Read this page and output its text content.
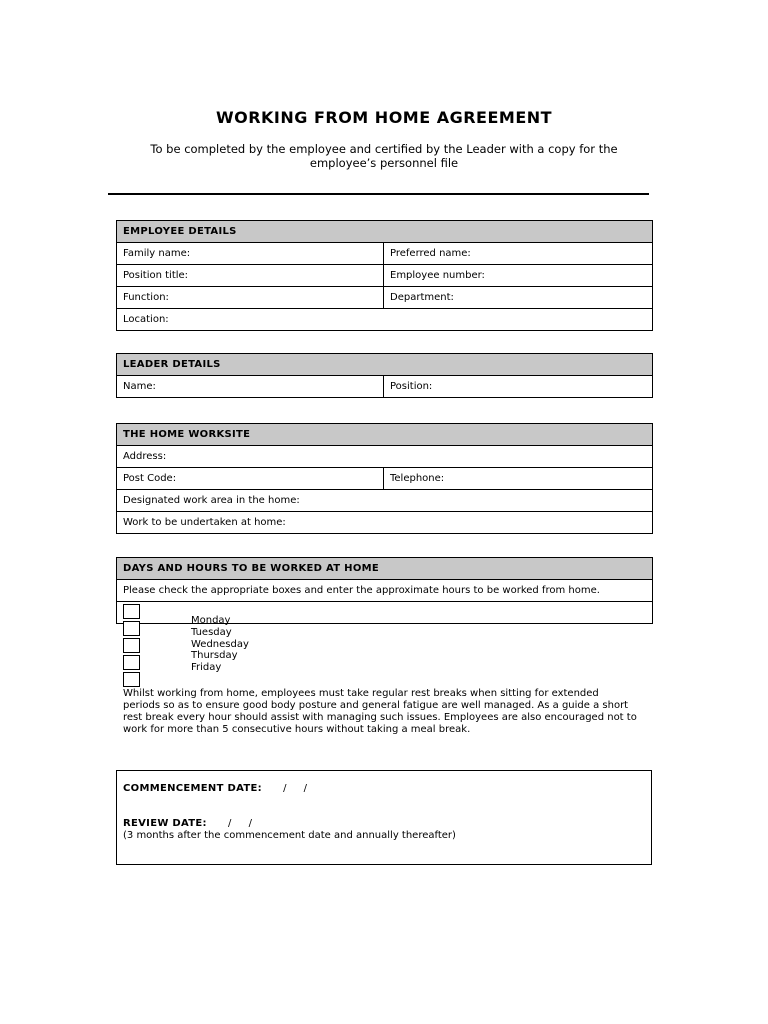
WORKING FROM HOME AGREEMENT
To be completed by the employee and certified by the Leader with a copy for the employee’s personnel file
EMPLOYEE DETAILS	
Family name:	Preferred name:
Position title:	Employee number:
Function:	Department:
Location:	
LEADER DETAILS
Name:	Position:
THE HOME WORKSITE
Address:
Post Code:	Telephone:
Designated work area in the home:
Work to be undertaken at home:
DAYS AND HOURS TO BE WORKED AT HOME
Please check the appropriate boxes and enter the approximate hours to be worked from home.

Monday
Tuesday
Wednesday
Thursday
Friday
Whilst working from home, employees must take regular rest breaks when sitting for extended periods so as to ensure good body posture and general fatigue are well managed. As a guide a short rest break every hour should assist with managing such issues. Employees are also encouraged not to work for more than 5 consecutive hours without taking a meal break.
COMMENCEMENT DATE: / /
REVIEW DATE: / /
(3 months after the commencement date and annually thereafter)
